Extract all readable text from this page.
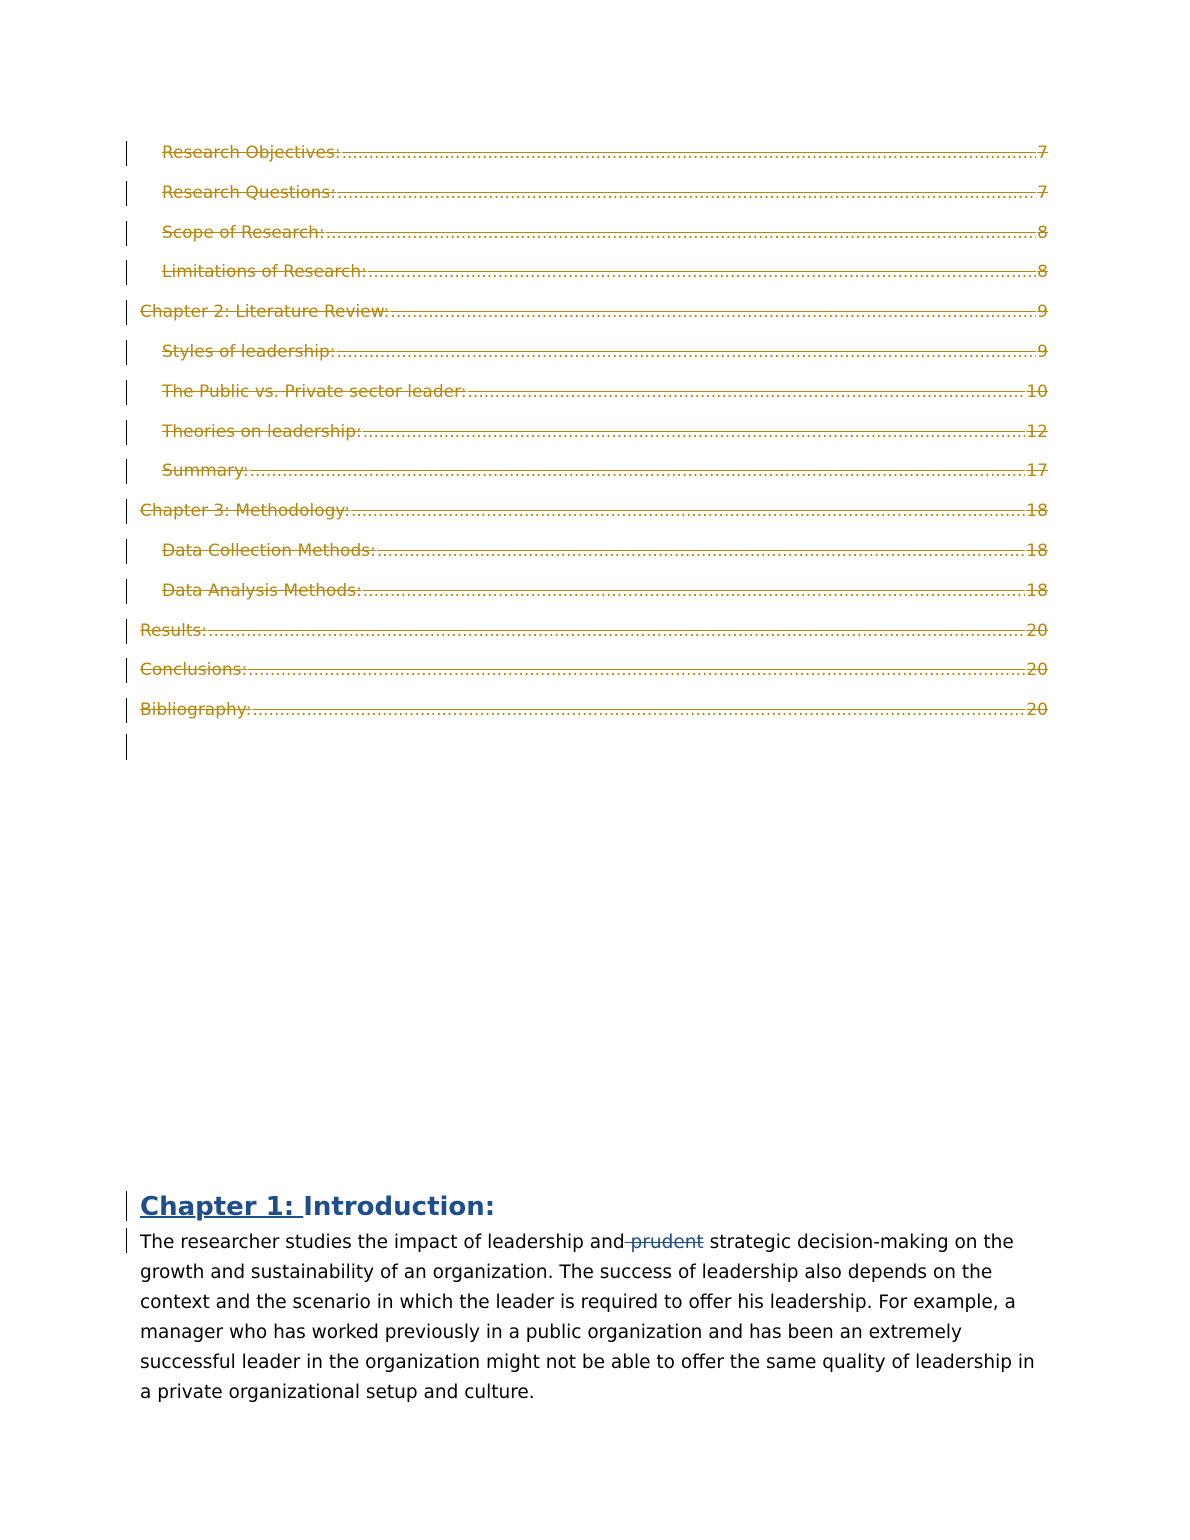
Research Objectives: .....	7
Research Questions: .....	7
Scope of Research: .....	8
Limitations of Research: .....	8
Chapter 2: Literature Review: .....	9
Styles of leadership: .....	9
The Public vs. Private sector leader: .....	10
Theories on leadership: .....	12
Summary: .....	17
Chapter 3: Methodology: .....	18
Data Collection Methods: .....	18
Data Analysis Methods: .....	18
Results: .....	20
Conclusions: .....	20
Bibliography: .....	20
Chapter 1: Introduction:

The researcher studies the impact of leadership and prudent strategic decision-making on the growth and sustainability of an organization. The success of leadership also depends on the context and the scenario in which the leader is required to offer his leadership. For example, a manager who has worked previously in a public organization and has been an extremely successful leader in the organization might not be able to offer the same quality of leadership in a private organizational setup and culture.
